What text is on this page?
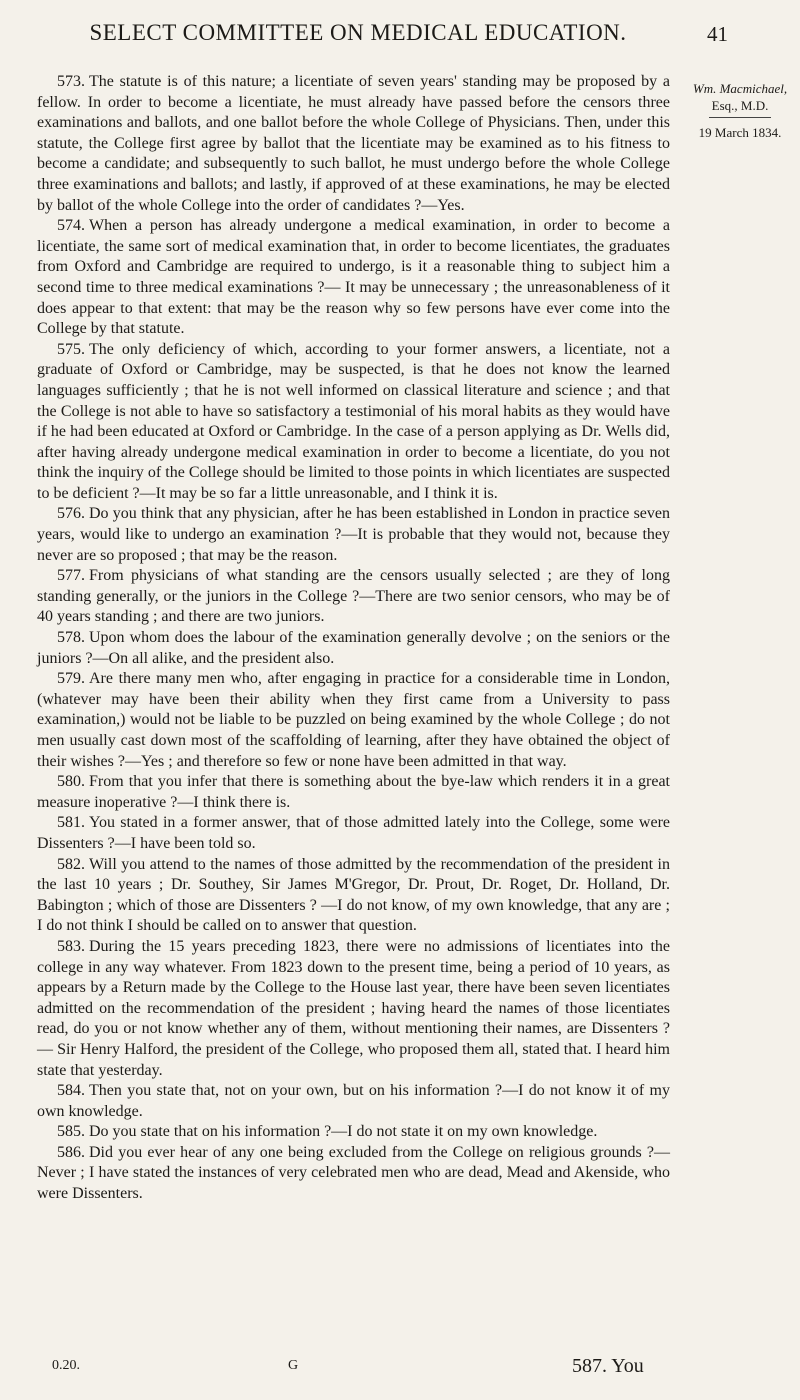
SELECT COMMITTEE ON MEDICAL EDUCATION.	41
Wm. Macmichael,
Esq., M.D.
19 March 1834.

573. The statute is of this nature; a licentiate of seven years' standing may be proposed by a fellow. In order to become a licentiate, he must already have passed before the censors three examinations and ballots, and one ballot before the whole College of Physicians. Then, under this statute, the College first agree by ballot that the licentiate may be examined as to his fitness to become a candidate; and subsequently to such ballot, he must undergo before the whole College three examinations and ballots; and lastly, if approved of at these examinations, he may be elected by ballot of the whole College into the order of candidates ?—Yes.

574. When a person has already undergone a medical examination, in order to become a licentiate, the same sort of medical examination that, in order to become licentiates, the graduates from Oxford and Cambridge are required to undergo, is it a reasonable thing to subject him a second time to three medical examinations ?— It may be unnecessary ; the unreasonableness of it does appear to that extent: that may be the reason why so few persons have ever come into the College by that statute.

575. The only deficiency of which, according to your former answers, a licentiate, not a graduate of Oxford or Cambridge, may be suspected, is that he does not know the learned languages sufficiently ; that he is not well informed on classical literature and science ; and that the College is not able to have so satisfactory a testimonial of his moral habits as they would have if he had been educated at Oxford or Cambridge. In the case of a person applying as Dr. Wells did, after having already undergone medical examination in order to become a licentiate, do you not think the inquiry of the College should be limited to those points in which licentiates are suspected to be deficient ?—It may be so far a little unreasonable, and I think it is.

576. Do you think that any physician, after he has been established in London in practice seven years, would like to undergo an examination ?—It is probable that they would not, because they never are so proposed ; that may be the reason.

577. From physicians of what standing are the censors usually selected ; are they of long standing generally, or the juniors in the College ?—There are two senior censors, who may be of 40 years standing ; and there are two juniors.

578. Upon whom does the labour of the examination generally devolve ; on the seniors or the juniors ?—On all alike, and the president also.

579. Are there many men who, after engaging in practice for a considerable time in London, (whatever may have been their ability when they first came from a University to pass examination,) would not be liable to be puzzled on being examined by the whole College ; do not men usually cast down most of the scaffolding of learning, after they have obtained the object of their wishes ?—Yes ; and therefore so few or none have been admitted in that way.

580. From that you infer that there is something about the bye-law which renders it in a great measure inoperative ?—I think there is.

581. You stated in a former answer, that of those admitted lately into the College, some were Dissenters ?—I have been told so.

582. Will you attend to the names of those admitted by the recommendation of the president in the last 10 years ; Dr. Southey, Sir James M'Gregor, Dr. Prout, Dr. Roget, Dr. Holland, Dr. Babington ; which of those are Dissenters ? —I do not know, of my own knowledge, that any are ; I do not think I should be called on to answer that question.

583. During the 15 years preceding 1823, there were no admissions of licentiates into the college in any way whatever. From 1823 down to the present time, being a period of 10 years, as appears by a Return made by the College to the House last year, there have been seven licentiates admitted on the recommendation of the president ; having heard the names of those licentiates read, do you or not know whether any of them, without mentioning their names, are Dissenters ?— Sir Henry Halford, the president of the College, who proposed them all, stated that. I heard him state that yesterday.

584. Then you state that, not on your own, but on his information ?—I do not know it of my own knowledge.

585. Do you state that on his information ?—I do not state it on my own knowledge.

586. Did you ever hear of any one being excluded from the College on religious grounds ?—Never ; I have stated the instances of very celebrated men who are dead, Mead and Akenside, who were Dissenters.

0.20.	G	587. You
